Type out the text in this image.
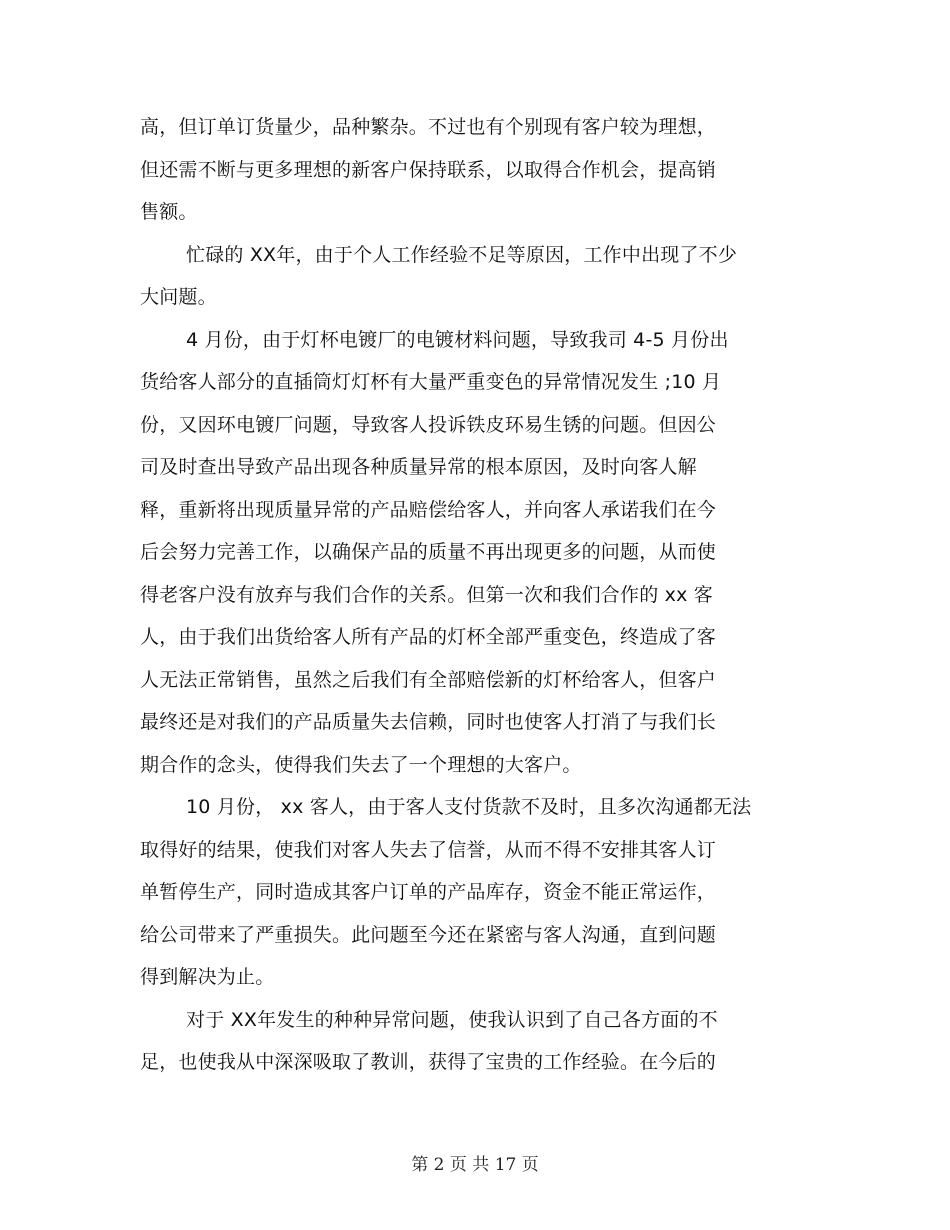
高，但订单订货量少，品种繁杂。不过也有个别现有客户较为理想，
但还需不断与更多理想的新客户保持联系，以取得合作机会，提高销
售额。
忙碌的 XX年，由于个人工作经验不足等原因，工作中出现了不少
大问题。
4 月份，由于灯杯电镀厂的电镀材料问题，导致我司 4-5 月份出
货给客人部分的直插筒灯灯杯有大量严重变色的异常情况发生 ;10 月
份，又因环电镀厂问题，导致客人投诉铁皮环易生锈的问题。但因公
司及时查出导致产品出现各种质量异常的根本原因，及时向客人解
释，重新将出现质量异常的产品赔偿给客人，并向客人承诺我们在今
后会努力完善工作，以确保产品的质量不再出现更多的问题，从而使
得老客户没有放弃与我们合作的关系。但第一次和我们合作的 xx 客
人，由于我们出货给客人所有产品的灯杯全部严重变色，终造成了客
人无法正常销售，虽然之后我们有全部赔偿新的灯杯给客人，但客户
最终还是对我们的产品质量失去信赖，同时也使客人打消了与我们长
期合作的念头，使得我们失去了一个理想的大客户。
10 月份， xx 客人，由于客人支付货款不及时，且多次沟通都无法
取得好的结果，使我们对客人失去了信誉，从而不得不安排其客人订
单暂停生产，同时造成其客户订单的产品库存，资金不能正常运作，
给公司带来了严重损失。此问题至今还在紧密与客人沟通，直到问题
得到解决为止。
对于 XX年发生的种种异常问题，使我认识到了自己各方面的不
足，也使我从中深深吸取了教训，获得了宝贵的工作经验。在今后的
第 2 页 共 17 页
